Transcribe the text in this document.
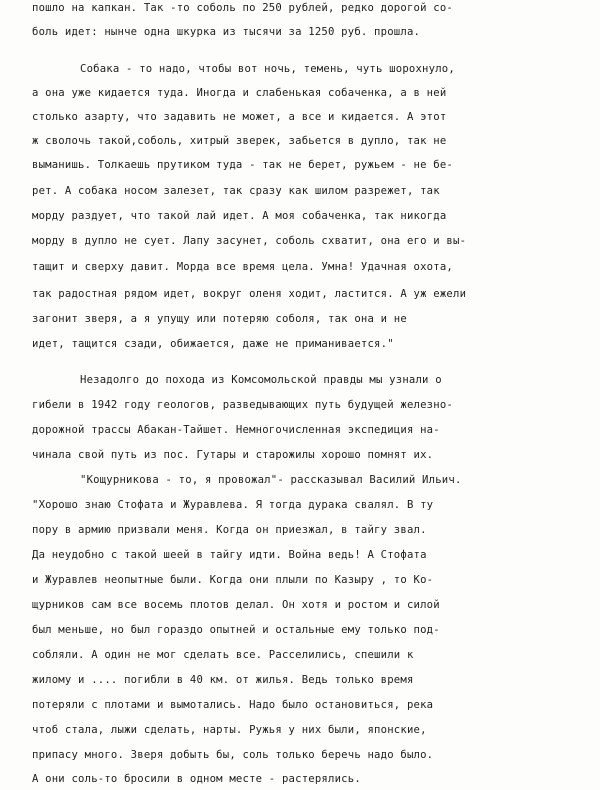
пошло на капкан. Так -то соболь по 250 рублей, редко дорогой со-
боль идет: нынче одна шкурка из тысячи за 1250 руб. прошла.
Собака - то надо, чтобы вот ночь, темень, чуть шорохнуло,
а она уже кидается туда. Иногда и слабенькая собаченка, а в ней
столько азарту, что задавить не может, а все и кидается. А этот
ж сволочь такой,соболь, хитрый зверек, забьется в дупло, так не
выманишь. Толкаешь прутиком туда - так не берет, ружьем - не бе-
рет. А собака носом залезет, так сразу как шилом разрежет, так
морду раздует, что такой лай идет. А моя собаченка, так никогда
морду в дупло не сует. Лапу засунет, соболь схватит, она его и вы-
тащит и сверху давит. Морда все время цела. Умна! Удачная охота,
так радостная рядом идет, вокруг оленя ходит, ластится. А уж ежели
загонит зверя, а я упущу или потеряю соболя, так она и не
идет, тащится сзади, обижается, даже не приманивается."
Незадолго до похода из Комсомольской правды мы узнали о
гибели в 1942 году геологов, разведывающих путь будущей железно-
дорожной трассы Абакан-Тайшет. Немногочисленная экспедиция на-
чинала свой путь из пос. Гутары и старожилы хорошо помнят их.
"Кощурникова - то, я провожал"- рассказывал Василий Ильич.
"Хорошо знаю Стофата и Журавлева. Я тогда дурака свалял. В ту
пору в армию призвали меня. Когда он приезжал, в тайгу звал.
Да неудобно с такой шеей в тайгу идти. Война ведь! А Стофата
и Журавлев неопытные были. Когда они плыли по Казыру , то Ко-
щурников сам все восемь плотов делал. Он хотя и ростом и силой
был меньше, но был гораздо опытней и остальные ему только под-
собляли. А один не мог сделать все. Расселились, спешили к
жилому и .... погибли в 40 км. от жилья. Ведь только время
потеряли с плотами и вымотались. Надо было остановиться, река
чтоб стала, лыжи сделать, нарты. Ружья у них были, японские,
припасу много. Зверя добыть бы, соль только беречь надо было.
А они соль-то бросили в одном месте - растерялись.
